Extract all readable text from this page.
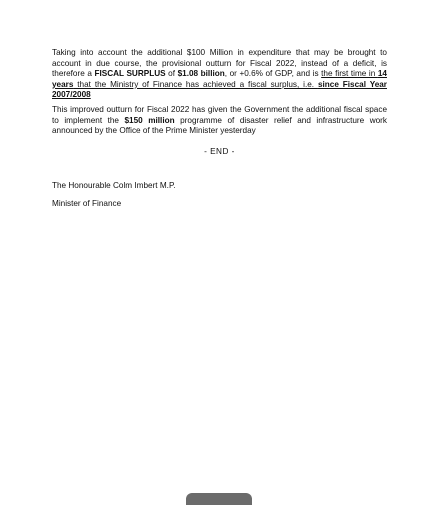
Taking into account the additional $100 Million in expenditure that may be brought to account in due course, the provisional outturn for Fiscal 2022, instead of a deficit, is therefore a FISCAL SURPLUS of $1.08 billion, or +0.6% of GDP, and is the first time in 14 years that the Ministry of Finance has achieved a fiscal surplus, i.e. since Fiscal Year 2007/2008

This improved outturn for Fiscal 2022 has given the Government the additional fiscal space to implement the $150 million programme of disaster relief and infrastructure work announced by the Office of the Prime Minister yesterday

- END -
The Honourable Colm Imbert M.P.
Minister of Finance
